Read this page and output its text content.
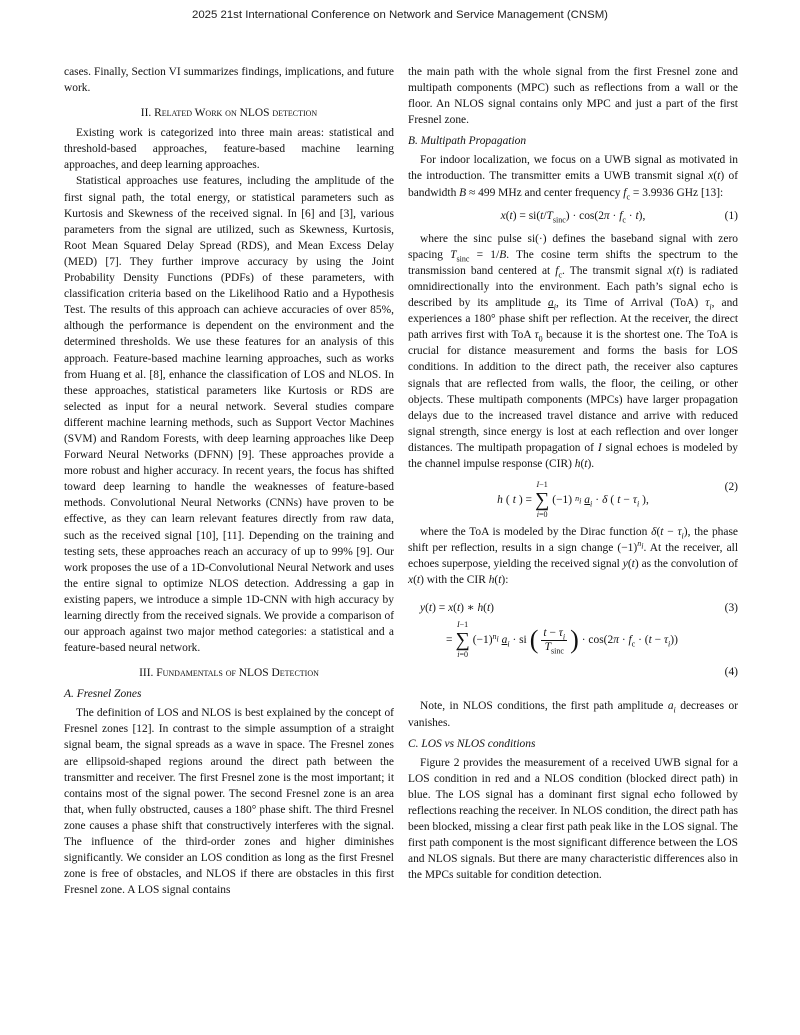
2025 21st International Conference on Network and Service Management (CNSM)

cases. Finally, Section VI summarizes findings, implications, and future work.

II. Related Work on NLOS detection

Existing work is categorized into three main areas: statistical and threshold-based approaches, feature-based machine learning approaches, and deep learning approaches.

Statistical approaches use features, including the amplitude of the first signal path, the total energy, or statistical parameters such as Kurtosis and Skewness of the received signal. In [6] and [3], various parameters from the signal are utilized, such as Skewness, Kurtosis, Root Mean Squared Delay Spread (RDS), and Mean Excess Delay (MED) [7]. They further improve accuracy by using the Joint Probability Density Functions (PDFs) of these parameters, with classification criteria based on the Likelihood Ratio and a Hypothesis Test. The results of this approach can achieve accuracies of over 85%, although the performance is dependent on the environment and the determined thresholds. We use these features for an analysis of this approach. Feature-based machine learning approaches, such as works from Huang et al. [8], enhance the classification of LOS and NLOS. In these approaches, statistical parameters like Kurtosis or RDS are selected as input for a neural network. Several studies compare different machine learning methods, such as Support Vector Machines (SVM) and Random Forests, with deep learning approaches like Deep Forward Neural Networks (DFNN) [9]. These approaches provide a more robust and higher accuracy. In recent years, the focus has shifted toward deep learning to handle the weaknesses of feature-based methods. Convolutional Neural Networks (CNNs) have proven to be effective, as they can learn relevant features directly from raw data, such as the received signal [10], [11]. Depending on the training and testing sets, these approaches reach an accuracy of up to 99% [9]. Our work proposes the use of a 1D-Convolutional Neural Network and uses the entire signal to optimize NLOS detection. Addressing a gap in existing papers, we introduce a simple 1D-CNN with high accuracy by learning directly from the received signals. We provide a comparison of our approach against two major method categories: a statistical and a feature-based neural network.

III. Fundamentals of NLOS Detection
A. Fresnel Zones

The definition of LOS and NLOS is best explained by the concept of Fresnel zones [12]. In contrast to the simple assumption of a straight signal beam, the signal spreads as a wave in space. The Fresnel zones are ellipsoid-shaped regions around the direct path between the transmitter and receiver. The first Fresnel zone is the most important; it contains most of the signal power. The second Fresnel zone is an area that, when fully obstructed, causes a 180° phase shift. The third Fresnel zone causes a phase shift that constructively interferes with the signal. The influence of the third-order zones and higher diminishes significantly. We consider an LOS condition as long as the first Fresnel zone is free of obstacles, and NLOS if there are obstacles in this first Fresnel zone. A LOS signal contains

the main path with the whole signal from the first Fresnel zone and multipath components (MPC) such as reflections from a wall or the floor. An NLOS signal contains only MPC and just a part of the first Fresnel zone.

B. Multipath Propagation

For indoor localization, we focus on a UWB signal as motivated in the introduction. The transmitter emits a UWB transmit signal x(t) of bandwidth B ≈ 499 MHz and center frequency $f_c = 3.9936$ GHz [13]:

$x(t) = si(t/T_{sinc}) \cdot \cos(2\pi \cdot f_c \cdot t)$,	(1)

where the sinc pulse si(·) defines the baseband signal with zero spacing $T_{sinc} = 1/B$. The cosine term shifts the spectrum to the transmission band centered at $f_c$. The transmit signal x(t) is radiated omnidirectionally into the environment. Each path’s signal echo is described by its amplitude $a_i$, its Time of Arrival (ToA) $\tau_i$, and experiences a 180° phase shift per reflection. At the receiver, the direct path arrives first with ToA $\tau_0$ because it is the shortest one. The ToA is crucial for distance measurement and forms the basis for LOS conditions. In addition to the direct path, the receiver also captures signals that are reflected from walls, the floor, the ceiling, or other objects. These multipath components (MPCs) have larger propagation delays due to the increased travel distance and arrive with reduced signal strength, since energy is lost at each reflection and over longer distances. The multipath propagation of I signal echoes is modeled by the channel impulse response (CIR) h(t).

h ( t ) =
I−1
∑
i=0
(−1) $n_i$ $a_i \cdot \delta$ ( $t - \tau_i$ ),
(2)

where the ToA is modeled by the Dirac function $\delta(t - \tau_i)$, the phase shift per reflection, results in a sign change $(-1)^{n_i}$. At the receiver, all echoes superpose, yielding the received signal y(t) as the convolution of x(t) with the CIR h(t):

y(t) = x(t) ∗ h(t)	(3)
=
I−1
∑
i=0
$(-1)^{n_i}$ $a_i$ · si ( $\frac{t - \tau_i}{T_{sinc}}$ ) · $\cos(2\pi \cdot f_c \cdot (t - \tau_i))$
(4)

Note, in NLOS conditions, the first path amplitude $a_i$ decreases or vanishes.

C. LOS vs NLOS conditions

Figure 2 provides the measurement of a received UWB signal for a LOS condition in red and a NLOS condition (blocked direct path) in blue. The LOS signal has a dominant first signal echo followed by reflections reaching the receiver. In NLOS condition, the direct path has been blocked, missing a clear first path peak like in the LOS signal. The first path component is the most significant difference between the LOS and NLOS signals. But there are many characteristic differences also in the MPCs suitable for condition detection.
